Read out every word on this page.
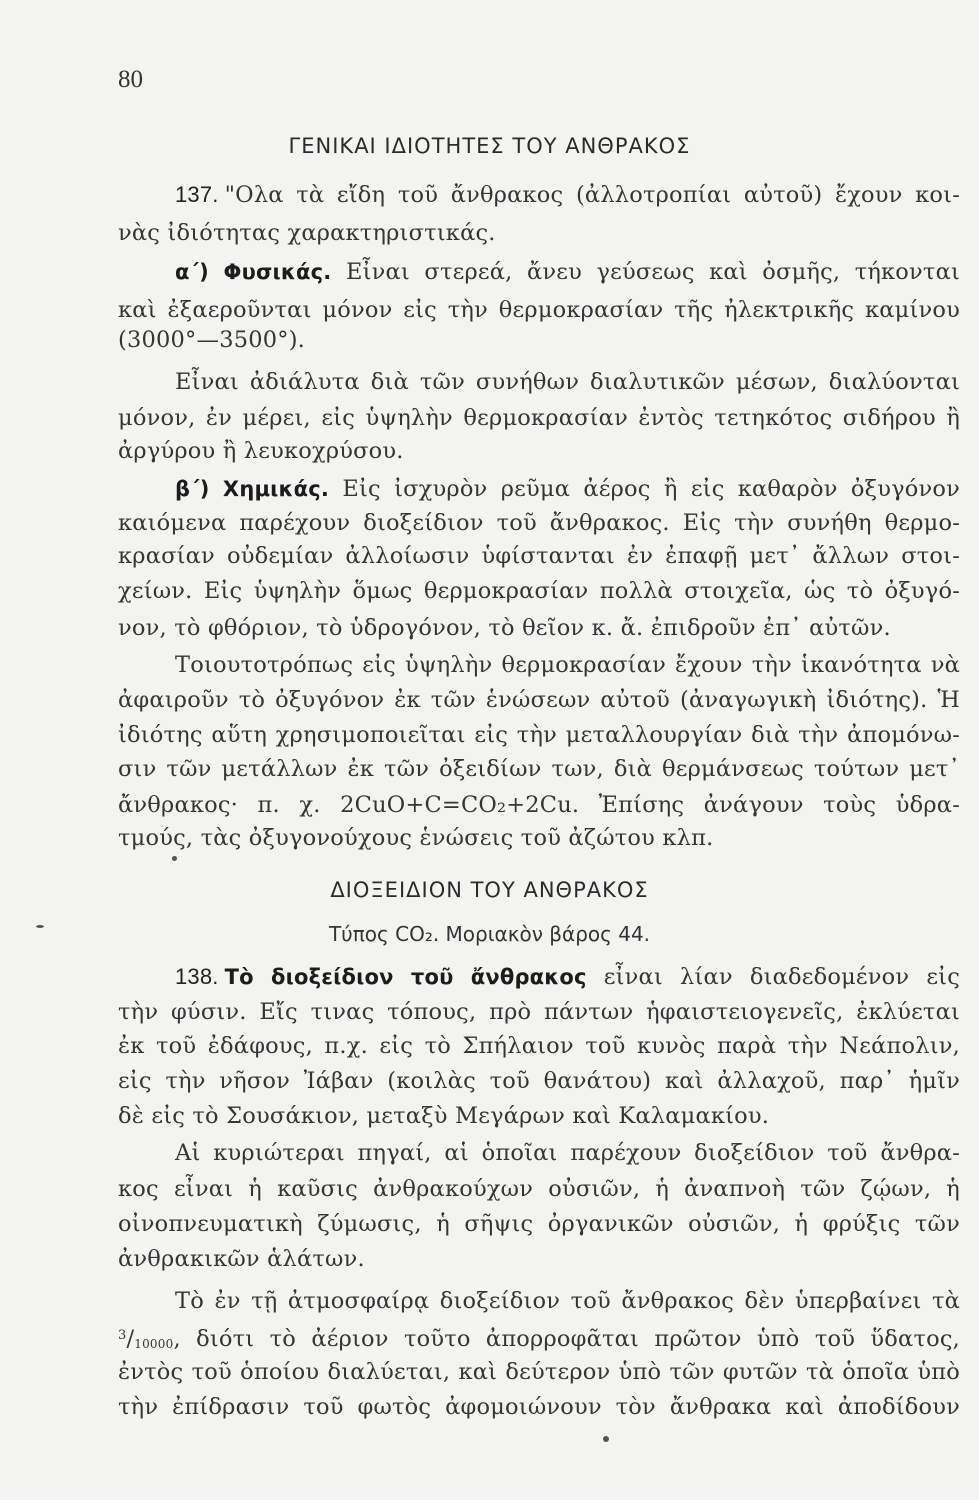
80
ΓΕΝΙΚΑΙ ΙΔΙΟΤΗΤΕΣ ΤΟΥ ΑΝΘΡΑΚΟΣ
137. "Ολα τὰ εἴδη τοῦ ἄνθρακος (ἀλλοτροπίαι αὐτοῦ) ἔχουν κοι-
νὰς ἰδιότητας χαρακτηριστικάς.
α΄) Φυσικάς. Εἶναι στερεά, ἄνευ γεύσεως καὶ ὀσμῆς, τήκονται
καὶ ἐξαεροῦνται μόνον εἰς τὴν θερμοκρασίαν τῆς ἠλεκτρικῆς καμίνου
(3000°—3500°).
Εἶναι ἀδιάλυτα διὰ τῶν συνήθων διαλυτικῶν μέσων, διαλύονται
μόνον, ἐν μέρει, εἰς ὑψηλὴν θερμοκρασίαν ἐντὸς τετηκότος σιδήρου ἢ
ἀργύρου ἢ λευκοχρύσου.
β΄) Χημικάς. Εἰς ἰσχυρὸν ρεῦμα ἀέρος ἢ εἰς καθαρὸν ὀξυγόνον
καιόμενα παρέχουν διοξείδιον τοῦ ἄνθρακος. Εἰς τὴν συνήθη θερμο-
κρασίαν οὐδεμίαν ἀλλοίωσιν ὑφίστανται ἐν ἐπαφῇ μετ᾽ ἄλλων στοι-
χείων. Εἰς ὑψηλὴν ὅμως θερμοκρασίαν πολλὰ στοιχεῖα, ὡς τὸ ὀξυγό-
νον, τὸ φθόριον, τὸ ὑδρογόνον, τὸ θεῖον κ. ἄ. ἐπιδροῦν ἐπ᾽ αὐτῶν.
Τοιουτοτρόπως εἰς ὑψηλὴν θερμοκρασίαν ἔχουν τὴν ἱκανότητα νὰ
ἀφαιροῦν τὸ ὀξυγόνον ἐκ τῶν ἑνώσεων αὐτοῦ (ἀναγωγικὴ ἰδιότης). Ἡ
ἰδιότης αὕτη χρησιμοποιεῖται εἰς τὴν μεταλλουργίαν διὰ τὴν ἀπομόνω-
σιν τῶν μετάλλων ἐκ τῶν ὀξειδίων των, διὰ θερμάνσεως τούτων μετ᾽
ἄνθρακος· π. χ. 2CuO+C=CO₂+2Cu. Ἐπίσης ἀνάγουν τοὺς ὑδρα-
τμούς, τὰς ὀξυγονούχους ἑνώσεις τοῦ ἀζώτου κλπ.
ΔΙΟΞΕΙΔΙΟΝ ΤΟΥ ΑΝΘΡΑΚΟΣ
Τύπος CO₂. Μοριακὸν βάρος 44.
138. Τὸ διοξείδιον τοῦ ἄνθρακος εἶναι λίαν διαδεδομένον εἰς
τὴν φύσιν. Εἴς τινας τόπους, πρὸ πάντων ἡφαιστειογενεῖς, ἐκλύεται
ἐκ τοῦ ἐδάφους, π.χ. εἰς τὸ Σπήλαιον τοῦ κυνὸς παρὰ τὴν Νεάπολιν,
εἰς τὴν νῆσον Ἰάβαν (κοιλὰς τοῦ θανάτου) καὶ ἀλλαχοῦ, παρ᾽ ἡμῖν
δὲ εἰς τὸ Σουσάκιον, μεταξὺ Μεγάρων καὶ Καλαμακίου.
Αἱ κυριώτεραι πηγαί, αἱ ὁποῖαι παρέχουν διοξείδιον τοῦ ἄνθρα-
κος εἶναι ἡ καῦσις ἀνθρακούχων οὐσιῶν, ἡ ἀναπνοὴ τῶν ζῴων, ἡ
οἰνοπνευματικὴ ζύμωσις, ἡ σῆψις ὀργανικῶν οὐσιῶν, ἡ φρύξις τῶν
ἀνθρακικῶν ἁλάτων.
Τὸ ἐν τῇ ἀτμοσφαίρᾳ διοξείδιον τοῦ ἄνθρακος δὲν ὑπερβαίνει τὰ
$^3$/10000, διότι τὸ ἀέριον τοῦτο ἀπορροφᾶται πρῶτον ὑπὸ τοῦ ὕδατος,
ἐντὸς τοῦ ὁποίου διαλύεται, καὶ δεύτερον ὑπὸ τῶν φυτῶν τὰ ὁποῖα ὑπὸ
τὴν ἐπίδρασιν τοῦ φωτὸς ἀφομοιώνουν τὸν ἄνθρακα καὶ ἀποδίδουν
